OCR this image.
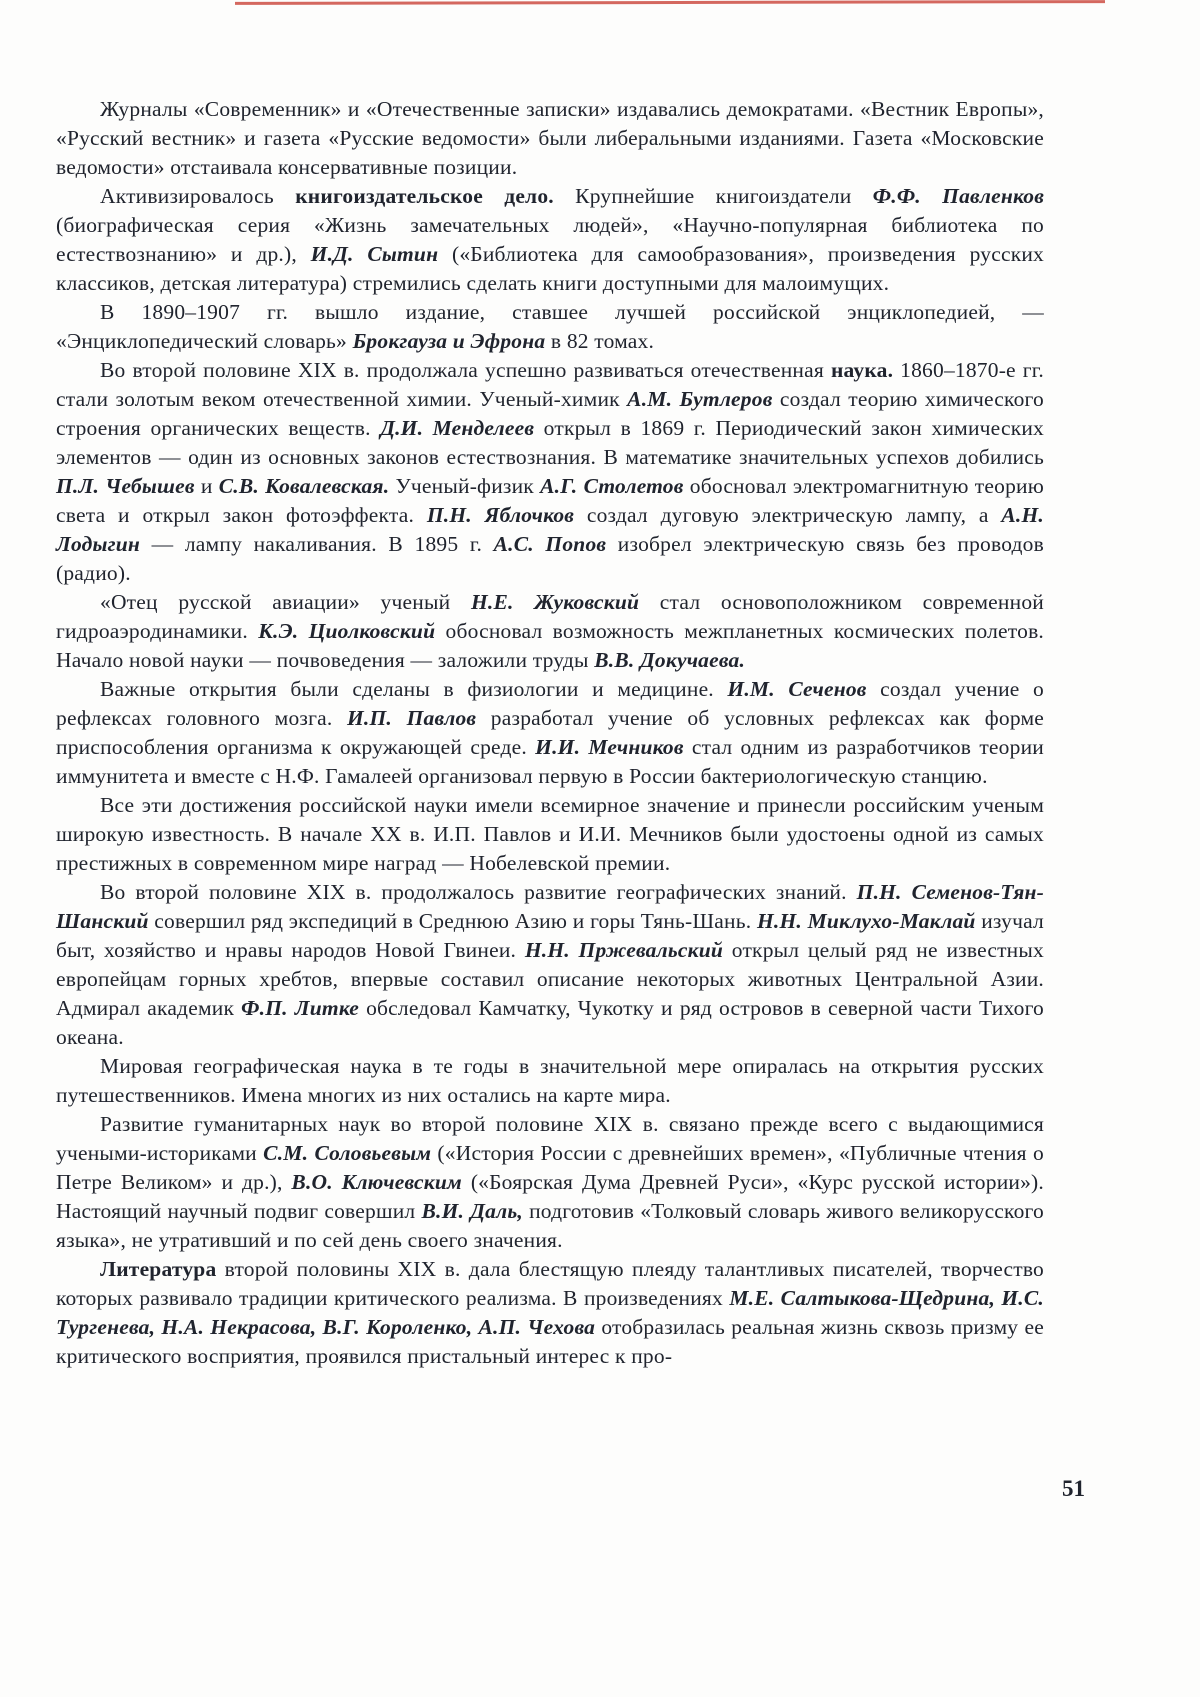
Журналы «Современник» и «Отечественные записки» издавались демократами. «Вестник Европы», «Русский вестник» и газета «Русские ведомости» были либеральными изданиями. Газета «Московские ведомости» отстаивала консервативные позиции.

Активизировалось книгоиздательское дело. Крупнейшие книгоиздатели Ф.Ф. Павленков (биографическая серия «Жизнь замечательных людей», «Научно-популярная библиотека по естествознанию» и др.), И.Д. Сытин («Библиотека для самообразования», произведения русских классиков, детская литература) стремились сделать книги доступными для малоимущих.

В 1890–1907 гг. вышло издание, ставшее лучшей российской энциклопедией, — «Энциклопедический словарь» Брокгауза и Эфрона в 82 томах.

Во второй половине XIX в. продолжала успешно развиваться отечественная наука. 1860–1870-е гг. стали золотым веком отечественной химии. Ученый-химик А.М. Бутлеров создал теорию химического строения органических веществ. Д.И. Менделеев открыл в 1869 г. Периодический закон химических элементов — один из основных законов естествознания. В математике значительных успехов добились П.Л. Чебышев и С.В. Ковалевская. Ученый-физик А.Г. Столетов обосновал электромагнитную теорию света и открыл закон фотоэффекта. П.Н. Яблочков создал дуговую электрическую лампу, а А.Н. Лодыгин — лампу накаливания. В 1895 г. А.С. Попов изобрел электрическую связь без проводов (радио).

«Отец русской авиации» ученый Н.Е. Жуковский стал основоположником современной гидроаэродинамики. К.Э. Циолковский обосновал возможность межпланетных космических полетов. Начало новой науки — почвоведения — заложили труды В.В. Докучаева.

Важные открытия были сделаны в физиологии и медицине. И.М. Сеченов создал учение о рефлексах головного мозга. И.П. Павлов разработал учение об условных рефлексах как форме приспособления организма к окружающей среде. И.И. Мечников стал одним из разработчиков теории иммунитета и вместе с Н.Ф. Гамалеей организовал первую в России бактериологическую станцию.

Все эти достижения российской науки имели всемирное значение и принесли российским ученым широкую известность. В начале XX в. И.П. Павлов и И.И. Мечников были удостоены одной из самых престижных в современном мире наград — Нобелевской премии.

Во второй половине XIX в. продолжалось развитие географических знаний. П.Н. Семенов-Тян-Шанский совершил ряд экспедиций в Среднюю Азию и горы Тянь-Шань. Н.Н. Миклухо-Маклай изучал быт, хозяйство и нравы народов Новой Гвинеи. Н.Н. Пржевальский открыл целый ряд не известных европейцам горных хребтов, впервые составил описание некоторых животных Центральной Азии. Адмирал академик Ф.П. Литке обследовал Камчатку, Чукотку и ряд островов в северной части Тихого океана.

Мировая географическая наука в те годы в значительной мере опиралась на открытия русских путешественников. Имена многих из них остались на карте мира.

Развитие гуманитарных наук во второй половине XIX в. связано прежде всего с выдающимися учеными-историками С.М. Соловьевым («История России с древнейших времен», «Публичные чтения о Петре Великом» и др.), В.О. Ключевским («Боярская Дума Древней Руси», «Курс русской истории»). Настоящий научный подвиг совершил В.И. Даль, подготовив «Толковый словарь живого великорусского языка», не утративший и по сей день своего значения.

Литература второй половины XIX в. дала блестящую плеяду талантливых писателей, творчество которых развивало традиции критического реализма. В произведениях М.Е. Салтыкова-Щедрина, И.С. Тургенева, Н.А. Некрасова, В.Г. Короленко, А.П. Чехова отобразилась реальная жизнь сквозь призму ее критического восприятия, проявился пристальный интерес к про-

51
